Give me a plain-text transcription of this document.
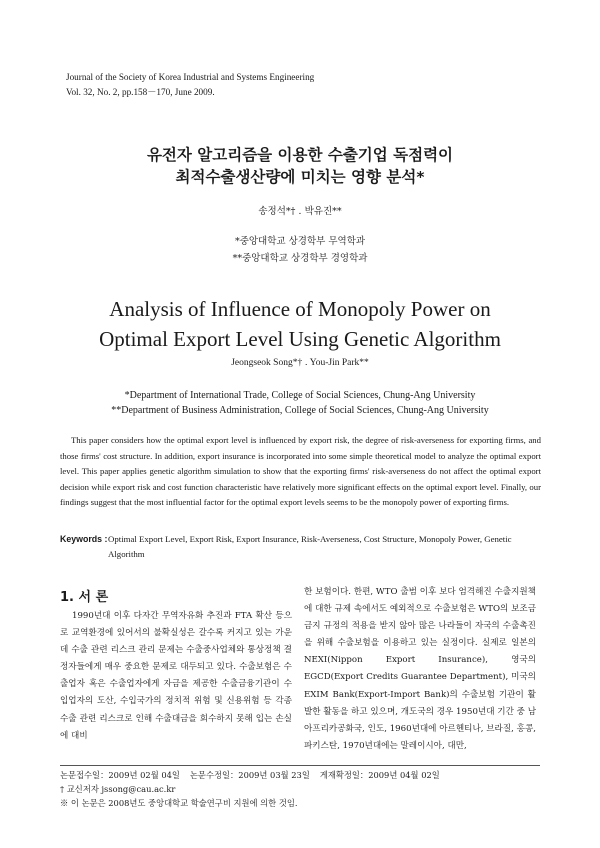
Journal of the Society of Korea Industrial and Systems Engineering
Vol. 32, No. 2, pp.158－170, June 2009.
유전자 알고리즘을 이용한 수출기업 독점력이
최적수출생산량에 미치는 영향 분석*
송정석*† ․ 박유진**
*중앙대학교 상경학부 무역학과
**중앙대학교 상경학부 경영학과
Analysis of Influence of Monopoly Power on
Optimal Export Level Using Genetic Algorithm
Jeongseok Song*† ․ You-Jin Park**
*Department of International Trade, College of Social Sciences, Chung-Ang University
**Department of Business Administration, College of Social Sciences, Chung-Ang University
This paper considers how the optimal export level is influenced by export risk, the degree of risk-averseness for exporting firms, and those firms' cost structure. In addition, export insurance is incorporated into some simple theoretical model to analyze the optimal export level. This paper applies genetic algorithm simulation to show that the exporting firms' risk-averseness do not affect the optimal export decision while export risk and cost function characteristic have relatively more significant effects on the optimal export level. Finally, our findings suggest that the most influential factor for the optimal export levels seems to be the monopoly power of exporting firms.
Keywords : Optimal Export Level, Export Risk, Export Insurance, Risk-Averseness, Cost Structure, Monopoly Power, Genetic Algorithm
1. 서 론

1990년대 이후 다자간 무역자유화 추진과 FTA 확산 등으로 교역환경에 있어서의 불확실성은 갈수록 커지고 있는 가운데 수출 관련 리스크 관리 문제는 수출중사업체와 통상정책 결정자들에게 매우 중요한 문제로 대두되고 있다. 수출보험은 수출업자 혹은 수출업자에게 자금을 제공한 수출금융기관이 수입업자의 도산, 수입국가의 정치적 위험 및 신용위험 등 각종 수출 관련 리스크로 인해 수출대금을 회수하지 못해 입는 손실에 대비

한 보험이다. 한편, WTO 출범 이후 보다 엄격해진 수출지원책에 대한 규제 속에서도 예외적으로 수출보험은 WTO의 보조금 금지 규정의 적용을 받지 않아 많은 나라들이 자국의 수출촉진을 위해 수출보험을 이용하고 있는 실정이다. 실제로 일본의 NEXI(Nippon Export Insurance), 영국의 EGCD(Export Credits Guarantee Department), 미국의 EXIM Bank(Export-Import Bank)의 수출보험 기관이 활발한 활동을 하고 있으며, 개도국의 경우 1950년대 기간 중 남아프리카공화국, 인도, 1960년대에 아르헨티나, 브라질, 홍콩, 파키스탄, 1970년대에는 말레이시아, 대만,

논문접수일：2009년 02월 04일 논문수정일：2009년 03월 23일 게재확정일：2009년 04월 02일
† 교신저자 jssong@cau.ac.kr
※ 이 논문은 2008년도 중앙대학교 학술연구비 지원에 의한 것임.
